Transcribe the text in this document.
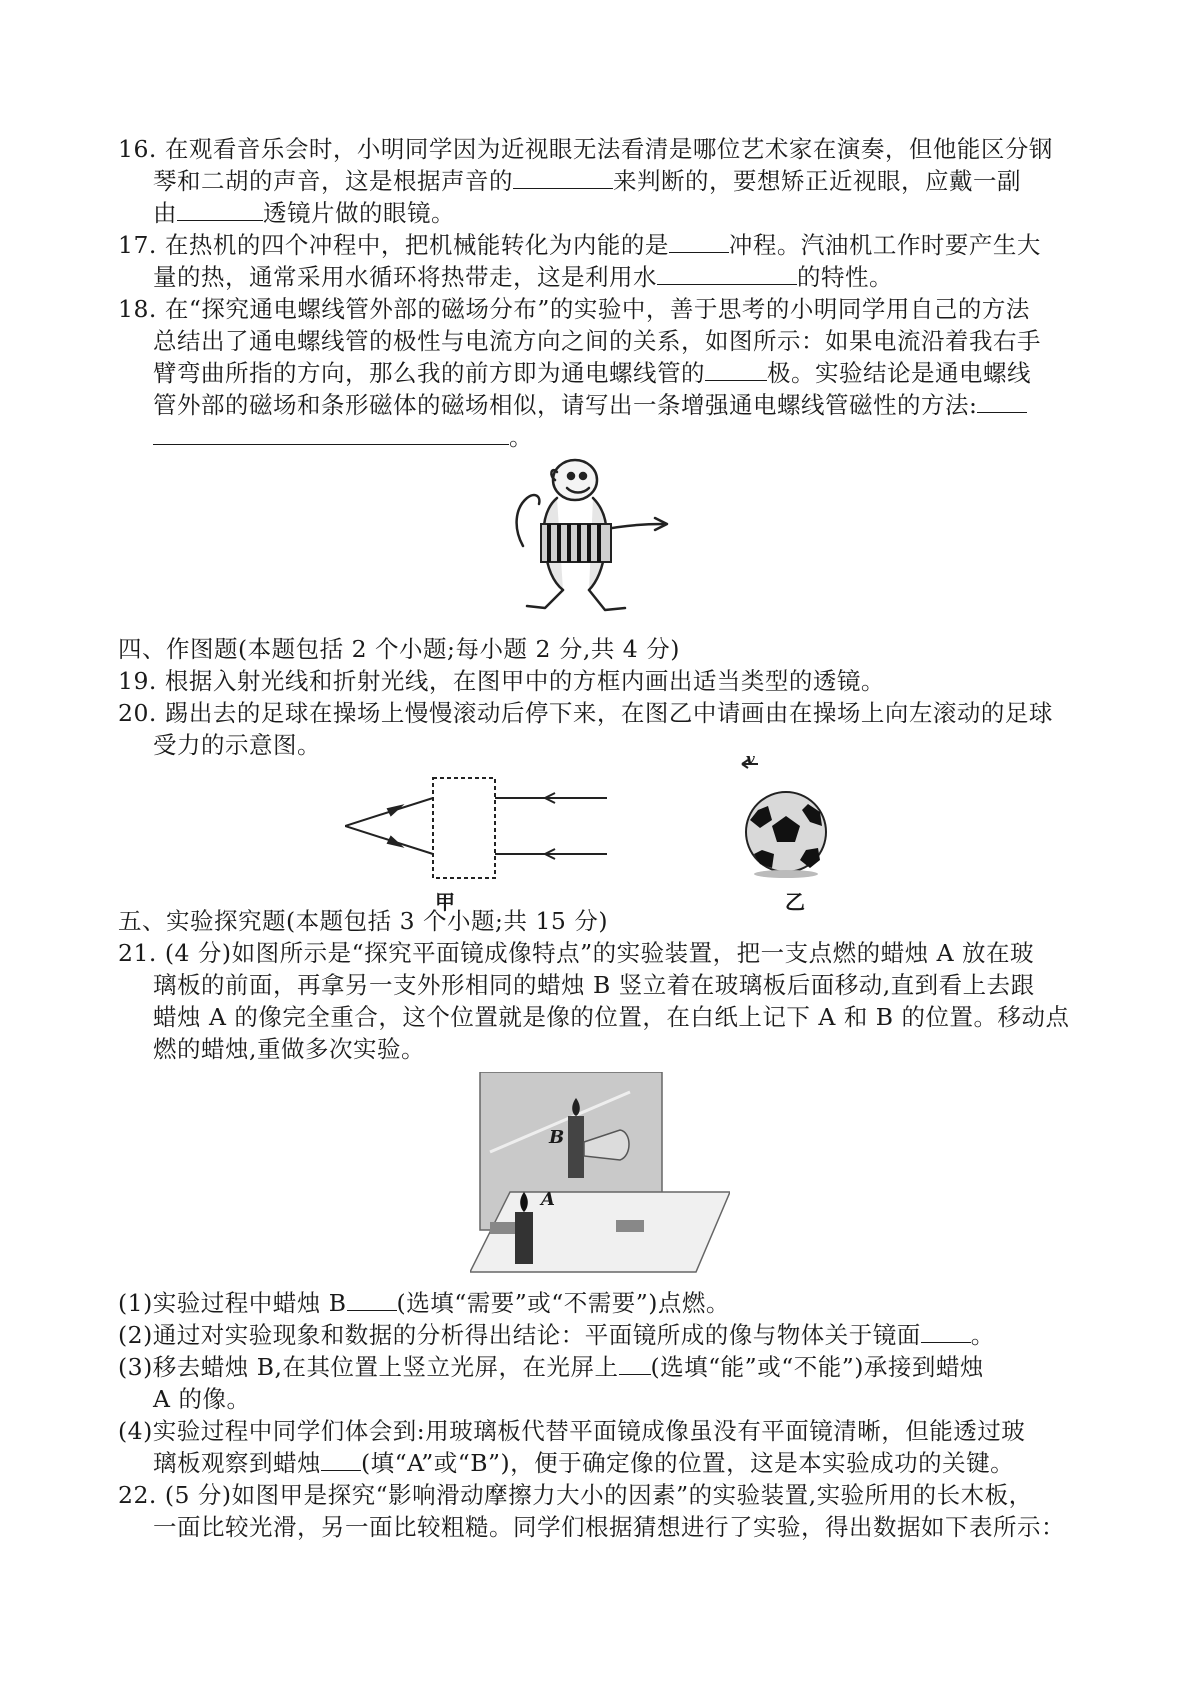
16. 在观看音乐会时，小明同学因为近视眼无法看清是哪位艺术家在演奏，但他能区分钢
琴和二胡的声音，这是根据声音的	来判断的，要想矫正近视眼，应戴一副
由	透镜片做的眼镜。
17. 在热机的四个冲程中，把机械能转化为内能的是	冲程。汽油机工作时要产生大
量的热，通常采用水循环将热带走，这是利用水	的特性。
18. 在“探究通电螺线管外部的磁场分布”的实验中，善于思考的小明同学用自己的方法
总结出了通电螺线管的极性与电流方向之间的关系，如图所示：如果电流沿着我右手
臂弯曲所指的方向，那么我的前方即为通电螺线管的	极。实验结论是通电螺线
管外部的磁场和条形磁体的磁场相似，请写出一条增强通电螺线管磁性的方法:
。
四、作图题(本题包括 2 个小题;每小题 2 分,共 4 分)
19. 根据入射光线和折射光线，在图甲中的方框内画出适当类型的透镜。
20. 踢出去的足球在操场上慢慢滚动后停下来，在图乙中请画由在操场上向左滚动的足球
受力的示意图。
甲
v
乙
五、实验探究题(本题包括 3 个小题;共 15 分)
21. (4 分)如图所示是“探究平面镜成像特点”的实验装置，把一支点燃的蜡烛 A 放在玻
璃板的前面，再拿另一支外形相同的蜡烛 B 竖立着在玻璃板后面移动,直到看上去跟
蜡烛 A 的像完全重合，这个位置就是像的位置，在白纸上记下 A 和 B 的位置。移动点
燃的蜡烛,重做多次实验。
A
B
(1)实验过程中蜡烛 B (选填“需要”或“不需要”)点燃。
(2)通过对实验现象和数据的分析得出结论：平面镜所成的像与物体关于镜面 。
(3)移去蜡烛 B,在其位置上竖立光屏，在光屏上 (选填“能”或“不能”)承接到蜡烛
A 的像。
(4)实验过程中同学们体会到:用玻璃板代替平面镜成像虽没有平面镜清晰，但能透过玻
璃板观察到蜡烛 (填“A”或“B”)，便于确定像的位置，这是本实验成功的关键。
22. (5 分)如图甲是探究“影响滑动摩擦力大小的因素”的实验装置,实验所用的长木板，
一面比较光滑，另一面比较粗糙。同学们根据猜想进行了实验，得出数据如下表所示：
